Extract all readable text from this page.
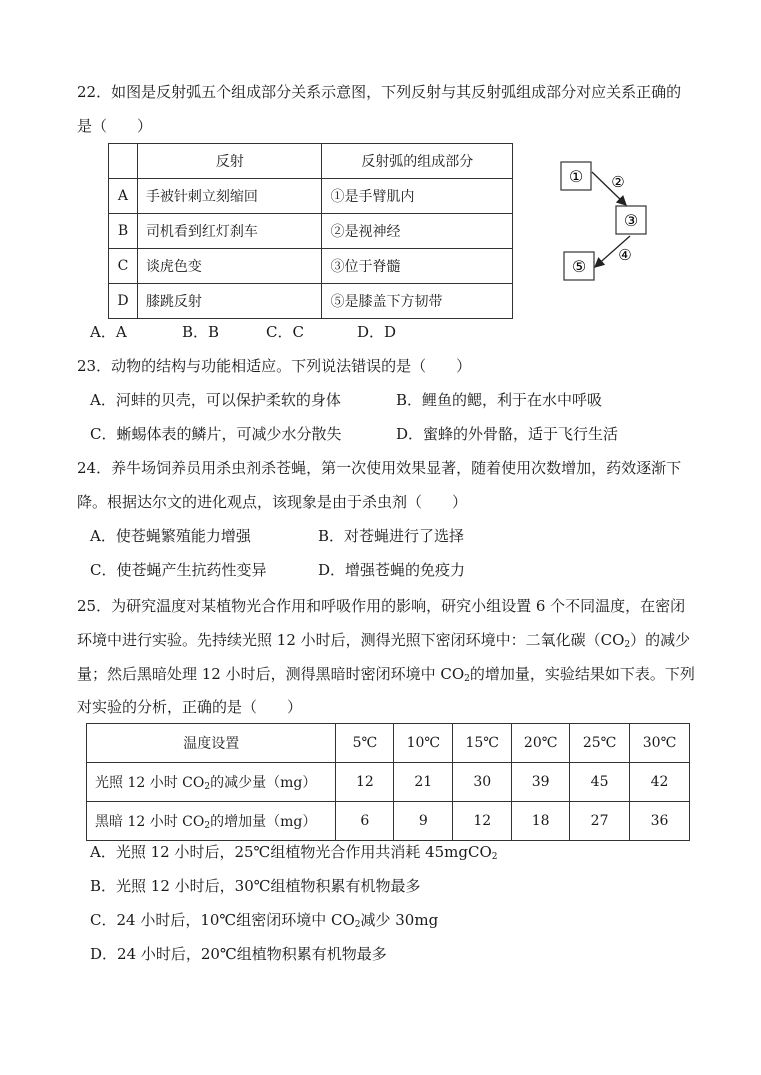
22．如图是反射弧五个组成部分关系示意图，下列反射与其反射弧组成部分对应关系正确的
是（　　）
	反射	反射弧的组成部分
A	手被针刺立刻缩回	①是手臂肌内
B	司机看到红灯刹车	②是视神经
C	谈虎色变	③位于脊髓
D	膝跳反射	⑤是膝盖下方韧带
① ②
③
④
⑤
A．A	B．B	C．C	D．D
23．动物的结构与功能相适应。下列说法错误的是（　　）
A．河蚌的贝壳，可以保护柔软的身体	B．鲤鱼的鳃，利于在水中呼吸
C．蜥蜴体表的鳞片，可减少水分散失	D．蜜蜂的外骨骼，适于飞行生活
24．养牛场饲养员用杀虫剂杀苍蝇，第一次使用效果显著，随着使用次数增加，药效逐渐下
降。根据达尔文的进化观点，该现象是由于杀虫剂（　　）
A．使苍蝇繁殖能力增强	B．对苍蝇进行了选择
C．使苍蝇产生抗药性变异	D．增强苍蝇的免疫力
25．为研究温度对某植物光合作用和呼吸作用的影响，研究小组设置 6 个不同温度，在密闭
环境中进行实验。先持续光照 12 小时后，测得光照下密闭环境中：二氧化碳$(CO_2)$的减少
量；然后黑暗处理 12 小时后，测得黑暗时密闭环境中 $CO_2$的增加量，实验结果如下表。下列
对实验的分析，正确的是（　　）
温度设置	5℃	10℃	15℃	20℃	25℃	30℃
光照 12 小时 $CO_2$的减少量（mg）	12	21	30	39	45	42
黑暗 12 小时 $CO_2$的增加量（mg）	6	9	12	18	27	36
A．光照 12 小时后，25℃组植物光合作用共消耗 45mgCO$_2$
B．光照 12 小时后，30℃组植物积累有机物最多
C．24 小时后，10℃组密闭环境中 $CO_2$减少 30mg
D．24 小时后，20℃组植物积累有机物最多
